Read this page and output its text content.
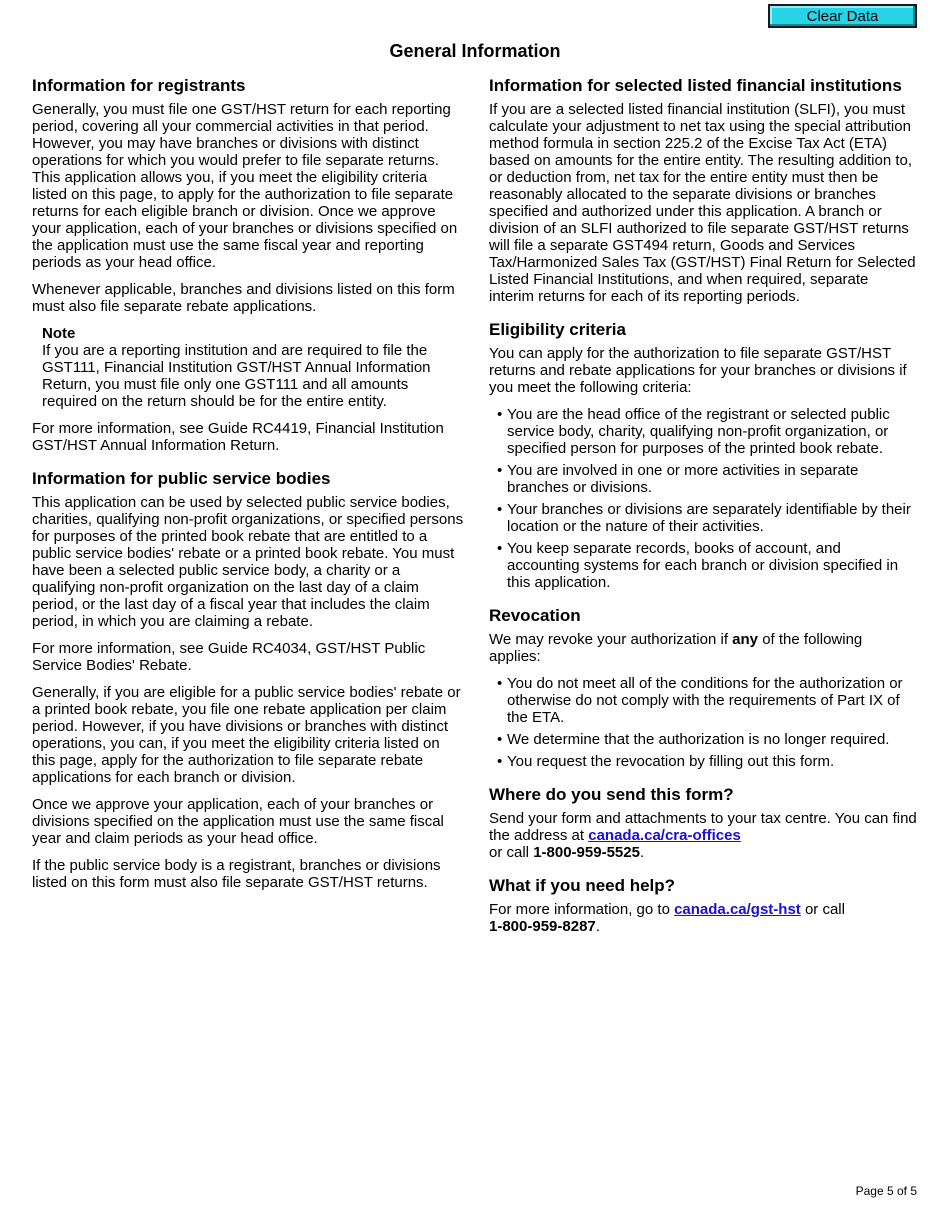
Clear Data
General Information
Information for registrants

Generally, you must file one GST/HST return for each reporting period, covering all your commercial activities in that period. However, you may have branches or divisions with distinct operations for which you would prefer to file separate returns. This application allows you, if you meet the eligibility criteria listed on this page, to apply for the authorization to file separate returns for each eligible branch or division. Once we approve your application, each of your branches or divisions specified on the application must use the same fiscal year and reporting periods as your head office.

Whenever applicable, branches and divisions listed on this form must also file separate rebate applications.

Note
If you are a reporting institution and are required to file the GST111, Financial Institution GST/HST Annual Information Return, you must file only one GST111 and all amounts required on the return should be for the entire entity.

For more information, see Guide RC4419, Financial Institution GST/HST Annual Information Return.

Information for public service bodies

This application can be used by selected public service bodies, charities, qualifying non-profit organizations, or specified persons for purposes of the printed book rebate that are entitled to a public service bodies' rebate or a printed book rebate. You must have been a selected public service body, a charity or a qualifying non-profit organization on the last day of a claim period, or the last day of a fiscal year that includes the claim period, in which you are claiming a rebate.

For more information, see Guide RC4034, GST/HST Public Service Bodies' Rebate.

Generally, if you are eligible for a public service bodies' rebate or a printed book rebate, you file one rebate application per claim period. However, if you have divisions or branches with distinct operations, you can, if you meet the eligibility criteria listed on this page, apply for the authorization to file separate rebate applications for each branch or division.

Once we approve your application, each of your branches or divisions specified on the application must use the same fiscal year and claim periods as your head office.

If the public service body is a registrant, branches or divisions listed on this form must also file separate GST/HST returns.

Information for selected listed financial institutions

If you are a selected listed financial institution (SLFI), you must calculate your adjustment to net tax using the special attribution method formula in section 225.2 of the Excise Tax Act (ETA) based on amounts for the entire entity. The resulting addition to, or deduction from, net tax for the entire entity must then be reasonably allocated to the separate divisions or branches specified and authorized under this application. A branch or division of an SLFI authorized to file separate GST/HST returns will file a separate GST494 return, Goods and Services Tax/Harmonized Sales Tax (GST/HST) Final Return for Selected Listed Financial Institutions, and when required, separate interim returns for each of its reporting periods.

Eligibility criteria

You can apply for the authorization to file separate GST/HST returns and rebate applications for your branches or divisions if you meet the following criteria:

• You are the head office of the registrant or selected public service body, charity, qualifying non-profit organization, or specified person for purposes of the printed book rebate.
• You are involved in one or more activities in separate branches or divisions.
• Your branches or divisions are separately identifiable by their location or the nature of their activities.
• You keep separate records, books of account, and accounting systems for each branch or division specified in this application.
Revocation

We may revoke your authorization if any of the following applies:

• You do not meet all of the conditions for the authorization or otherwise do not comply with the requirements of Part IX of the ETA.
• We determine that the authorization is no longer required.
• You request the revocation by filling out this form.
Where do you send this form?

Send your form and attachments to your tax centre. You can find the address at canada.ca/cra-offices
or call 1-800-959-5525.

What if you need help?

For more information, go to canada.ca/gst-hst or call
1-800-959-8287.

Page 5 of 5
